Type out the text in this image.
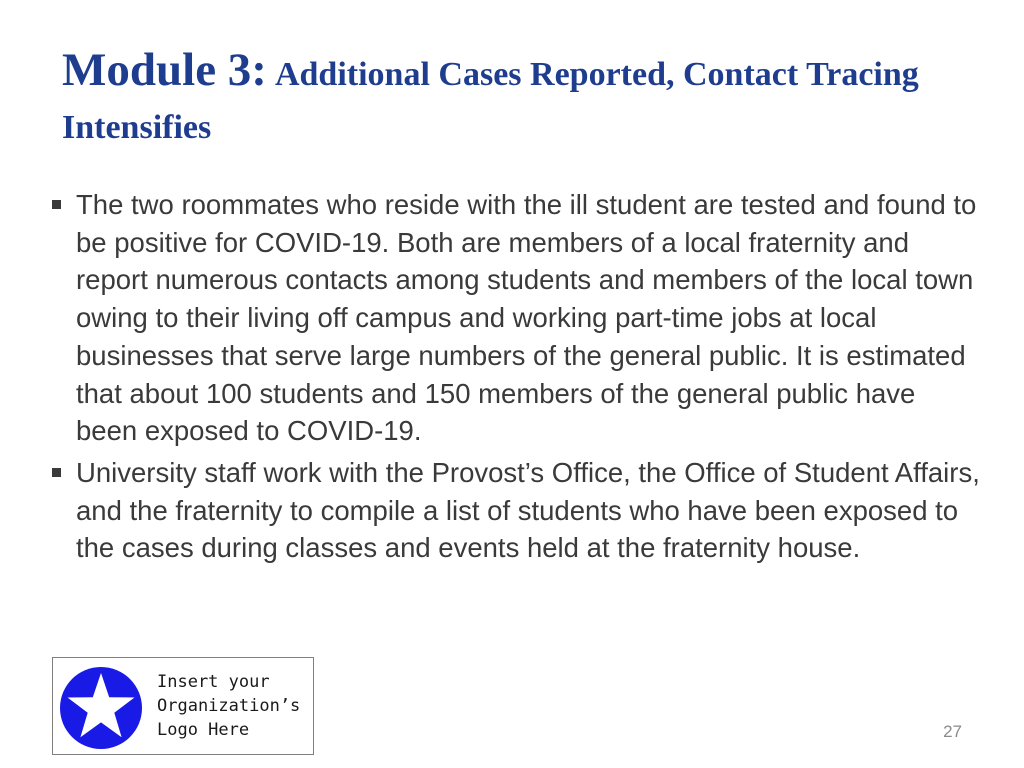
Module 3: Additional Cases Reported, Contact Tracing Intensifies
The two roommates who reside with the ill student are tested and found to be positive for COVID-19. Both are members of a local fraternity and report numerous contacts among students and members of the local town owing to their living off campus and working part-time jobs at local businesses that serve large numbers of the general public. It is estimated that about 100 students and 150 members of the general public have been exposed to COVID-19.
University staff work with the Provost’s Office, the Office of Student Affairs, and the fraternity to compile a list of students who have been exposed to the cases during classes and events held at the fraternity house.
Insert your
Organization’s
Logo Here	27
